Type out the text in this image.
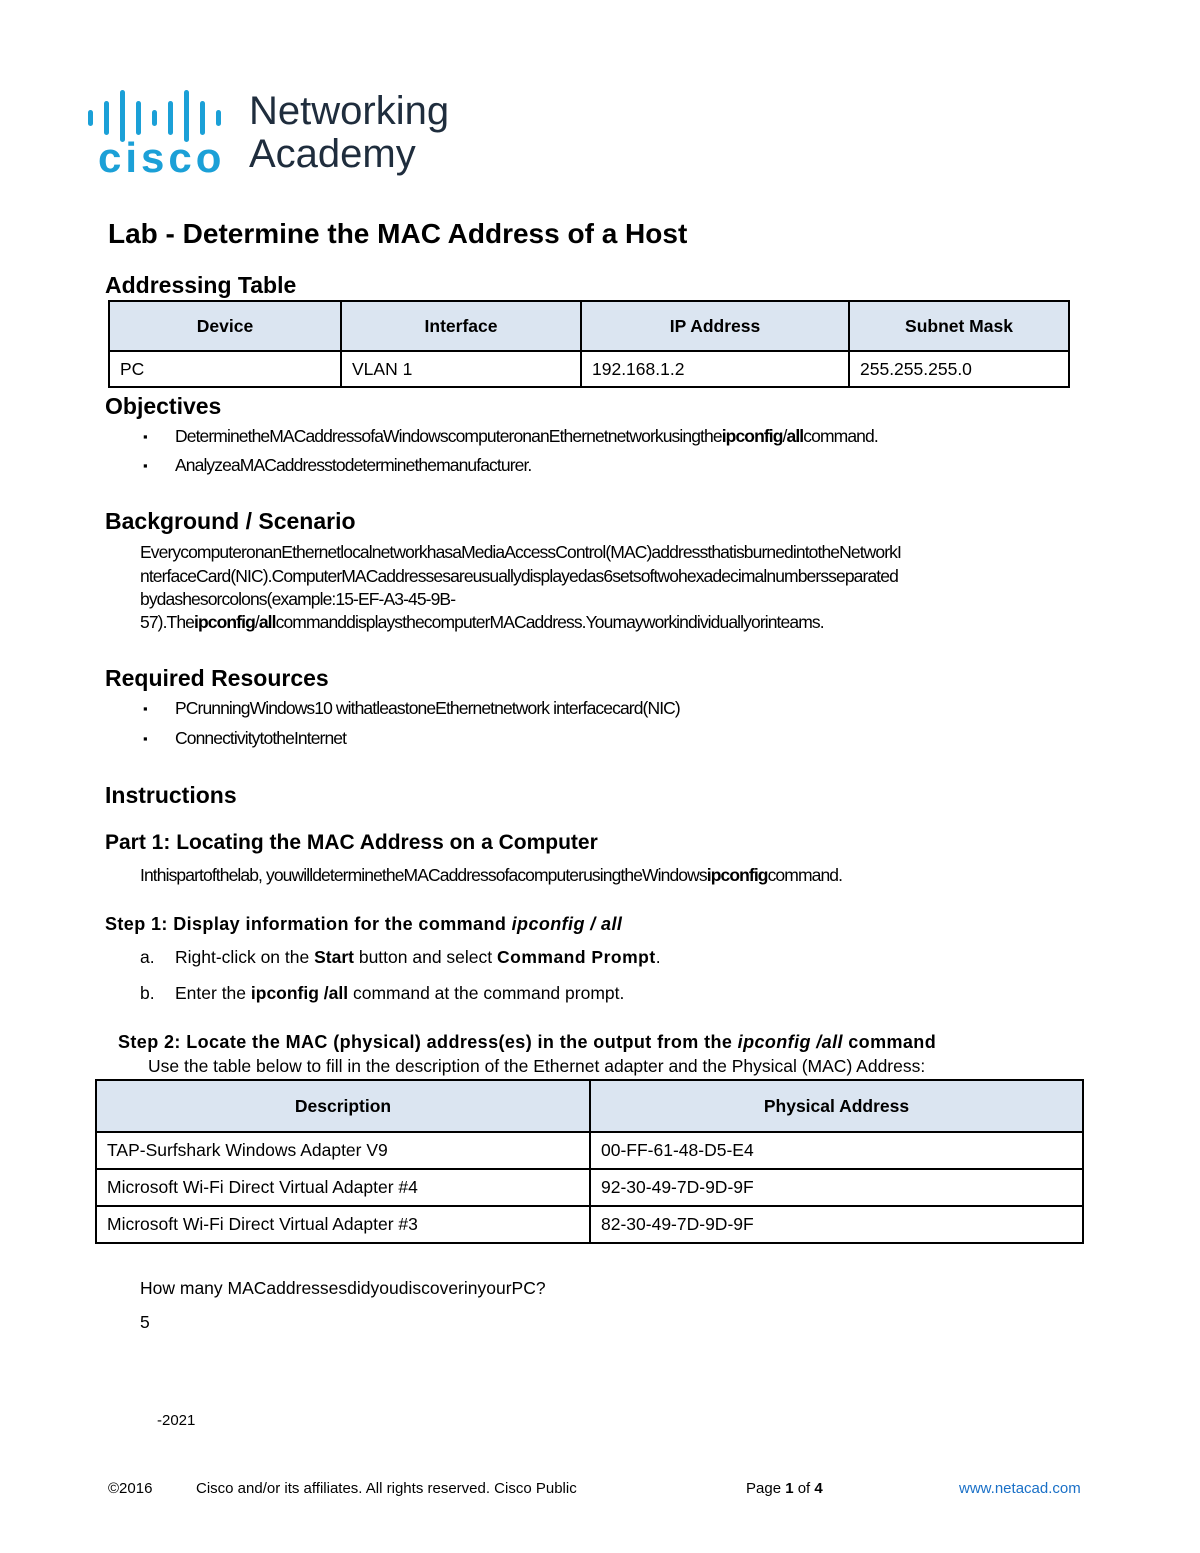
cisco
Networking
Academy
Lab - Determine the MAC Address of a Host
Addressing Table
Device	Interface	IP Address	Subnet Mask
PC	VLAN 1	192.168.1.2	255.255.255.0
Objectives
▪ DeterminetheMACaddressofaWindowscomputeronanEthernetnetworkusingtheipconfig/allcommand.
▪ AnalyzeaMACaddresstodeterminethemanufacturer.
Background / Scenario
EverycomputeronanEthernetlocalnetworkhasaMediaAccessControl(MAC)addressthatisburnedintotheNetworkI
nterfaceCard(NIC).ComputerMACaddressesareusuallydisplayedas6setsoftwohexadecimalnumbersseparated
bydashesorcolons(example:15-EF-A3-45-9B-
57).Theipconfig/allcommanddisplaysthecomputerMACaddress.Youmayworkindividuallyorinteams.
Required Resources
▪ PCrunningWindows10 withatleastoneEthernetnetwork interfacecard(NIC)
▪ ConnectivitytotheInternet
Instructions
Part 1: Locating the MAC Address on a Computer
Inthispartofthelab, youwilldeterminetheMACaddressofacomputerusingtheWindowsipconfigcommand.
Step 1: Display information for the command ipconfig / all
a. Right-click on the Start button and select Command Prompt.
b. Enter the ipconfig /all command at the command prompt.
Step 2: Locate the MAC (physical) address(es) in the output from the ipconfig /all command
Use the table below to fill in the description of the Ethernet adapter and the Physical (MAC) Address:
Description	Physical Address
TAP-Surfshark Windows Adapter V9	00-FF-61-48-D5-E4
Microsoft Wi-Fi Direct Virtual Adapter #4	92-30-49-7D-9D-9F
Microsoft Wi-Fi Direct Virtual Adapter #3	82-30-49-7D-9D-9F
How many MACaddressesdidyoudiscoverinyourPC?
5
-2021
©2016	Cisco and/or its affiliates. All rights reserved. Cisco Public	Page 1 of 4	www.netacad.com
